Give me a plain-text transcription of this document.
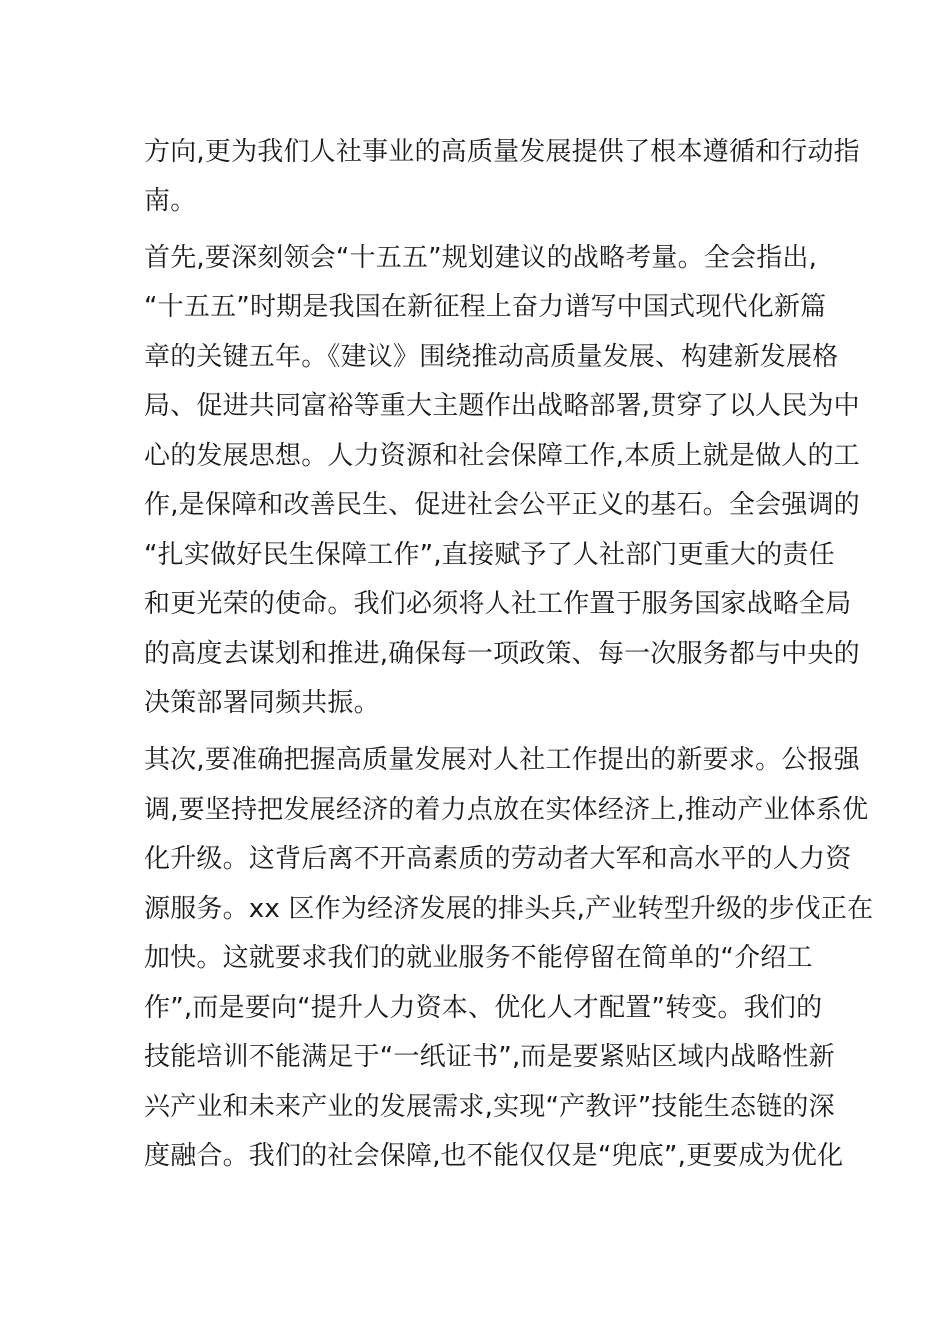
方向,更为我们人社事业的高质量发展提供了根本遵循和行动指
南。
首先,要深刻领会“十五五”规划建议的战略考量。全会指出,
“十五五”时期是我国在新征程上奋力谱写中国式现代化新篇
章的关键五年。《建议》围绕推动高质量发展、构建新发展格
局、促进共同富裕等重大主题作出战略部署,贯穿了以人民为中
心的发展思想。人力资源和社会保障工作,本质上就是做人的工
作,是保障和改善民生、促进社会公平正义的基石。全会强调的
“扎实做好民生保障工作”,直接赋予了人社部门更重大的责任
和更光荣的使命。我们必须将人社工作置于服务国家战略全局
的高度去谋划和推进,确保每一项政策、每一次服务都与中央的
决策部署同频共振。
其次,要准确把握高质量发展对人社工作提出的新要求。公报强
调,要坚持把发展经济的着力点放在实体经济上,推动产业体系优
化升级。这背后离不开高素质的劳动者大军和高水平的人力资
源服务。xx 区作为经济发展的排头兵,产业转型升级的步伐正在
加快。这就要求我们的就业服务不能停留在简单的“介绍工
作”,而是要向“提升人力资本、优化人才配置”转变。我们的
技能培训不能满足于“一纸证书”,而是要紧贴区域内战略性新
兴产业和未来产业的发展需求,实现“产教评”技能生态链的深
度融合。我们的社会保障,也不能仅仅是“兜底”,更要成为优化
